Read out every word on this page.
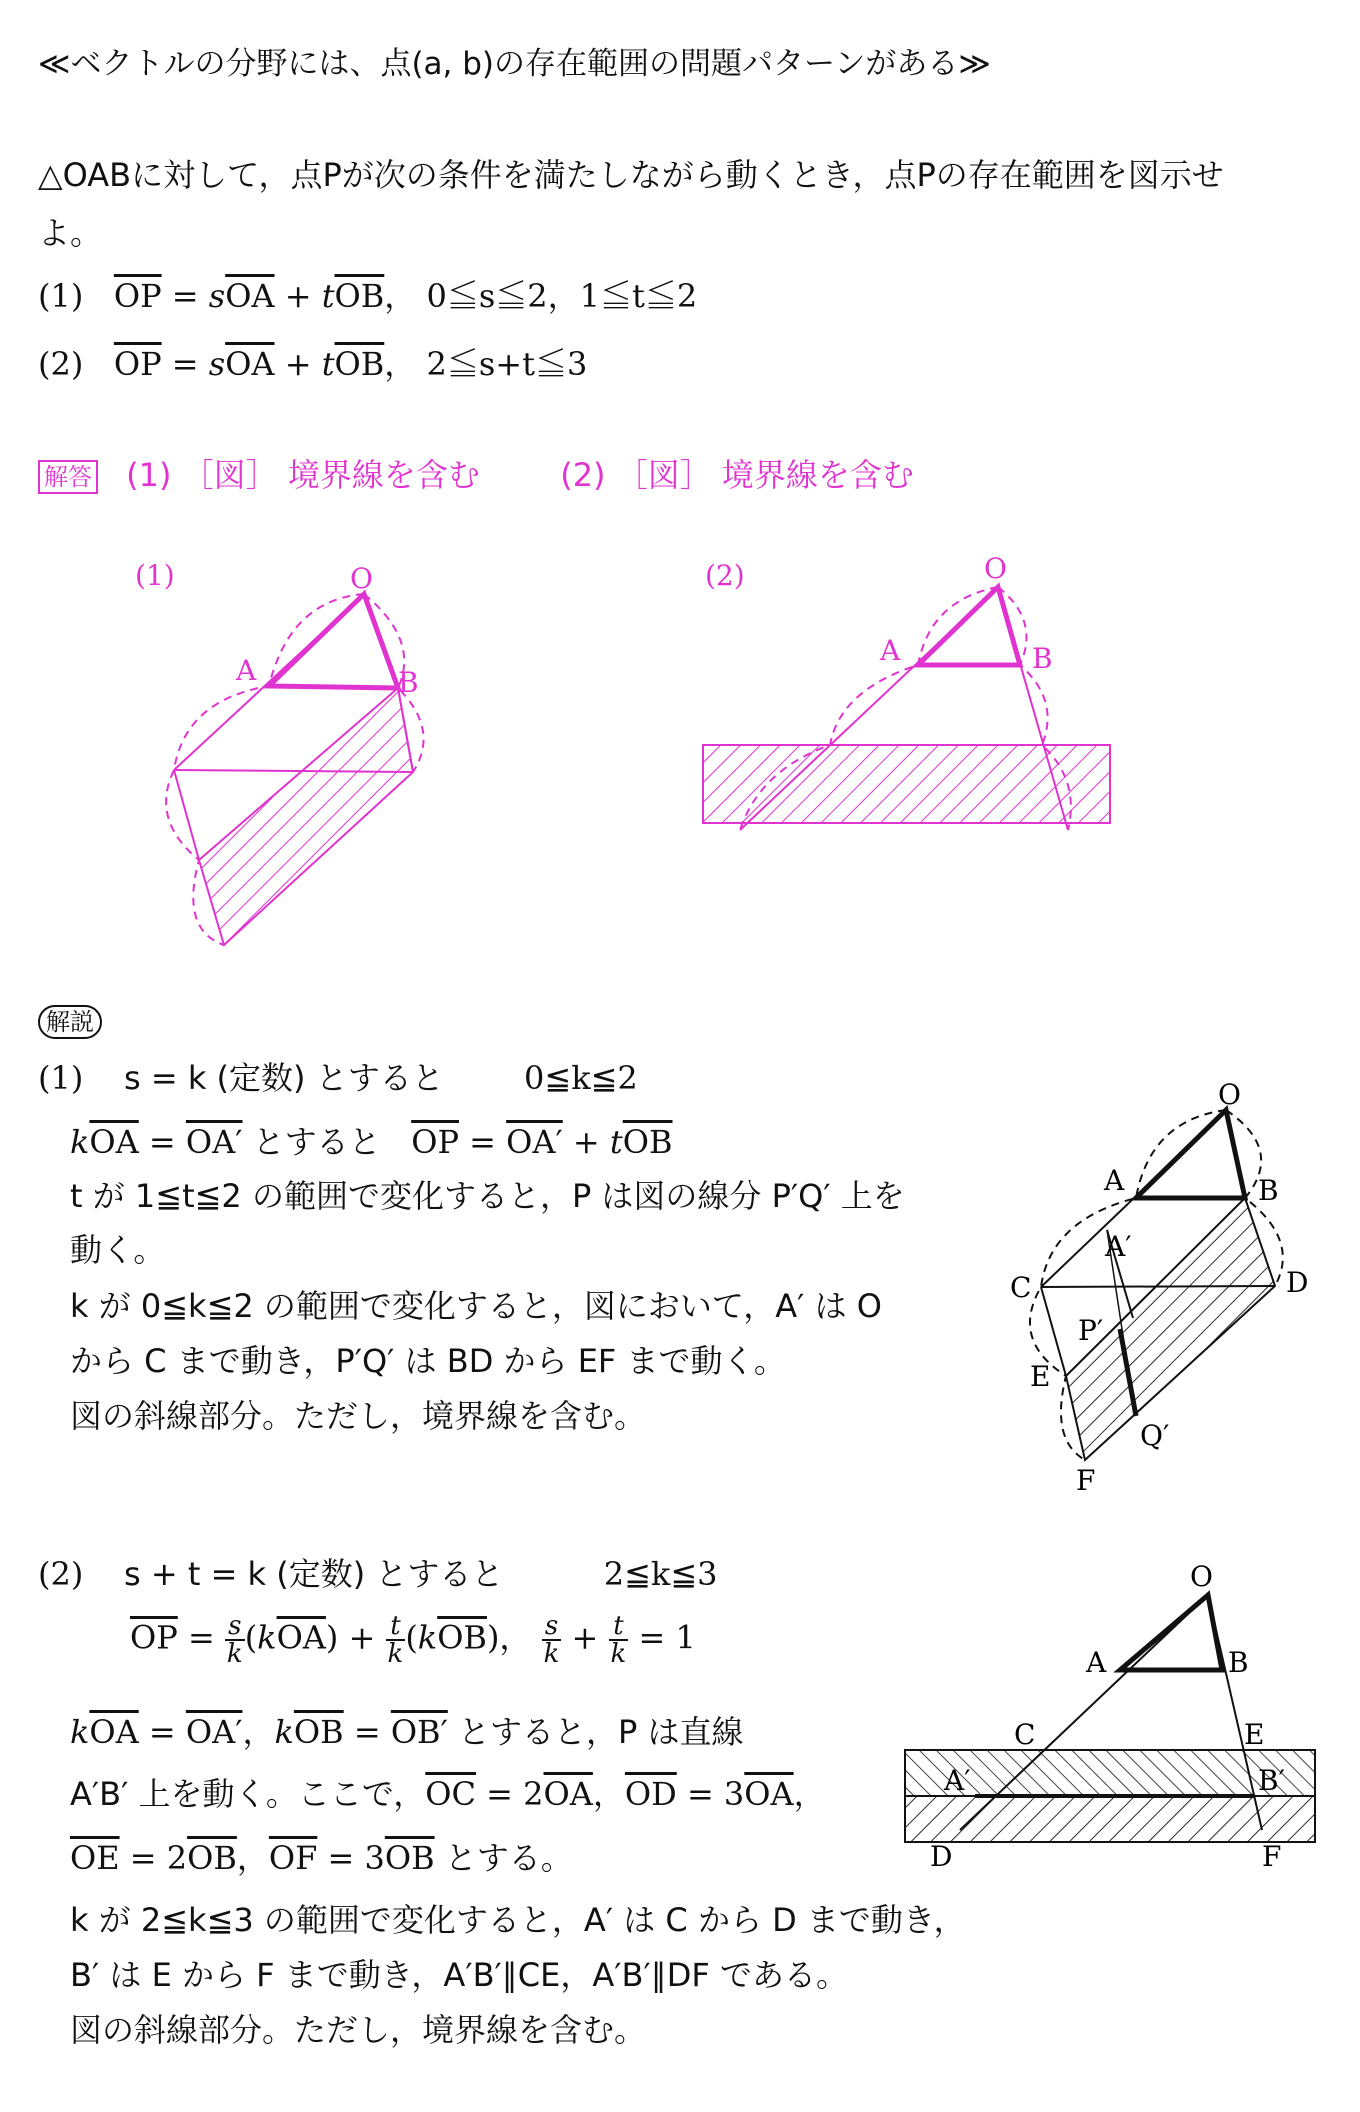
≪ベクトルの分野には、点(a, b)の存在範囲の問題パターンがある≫
△OABに対して，点Pが次の条件を満たしながら動くとき，点Pの存在範囲を図示せ
よ。
(1) $\overline{OP} = s\overline{OA} + t\overline{OB}$， 0≦s≦2，1≦t≦2
(2) $\overline{OP} = s\overline{OA} + t\overline{OB}$， 2≦s+t≦3
解答 (1) ［図］ 境界線を含む	(2) ［図］ 境界線を含む
(1)	O
A	B
(2)	O
A	B
解説
(1) s = k (定数) とすると	0≦k≦2
$k\overline{OA} = OA'$ とすると $\overline{OP} = OA' + t\overline{OB}$
t が 1≦t≦2 の範囲で変化すると，P は図の線分 P′Q′ 上を
動く。
k が 0≦k≦2 の範囲で変化すると，図において，A′ は O
から C まで動き，P′Q′ は BD から EF まで動く。
図の斜線部分。ただし，境界線を含む。
O
A	B
C	D
E
F
A′
P′
Q′
(2) s + t = k (定数) とすると	2≦k≦3
$\overline{OP} = \frac{s}{k} (k\overline{OA}) + \frac{t}{k} (k\overline{OB})$， $\frac{s}{k} + \frac{t}{k} = 1$
$k\overline{OA} = OA'$，$k\overline{OB} = OB'$ とすると，P は直線
A′B′ 上を動く。ここで，$\overline{OC} = 2\overline{OA}$，$\overline{OD} = 3\overline{OA}$，
$\overline{OE} = 2\overline{OB}$，$\overline{OF} = 3\overline{OB}$ とする。
k が 2≦k≦3 の範囲で変化すると，A′ は C から D まで動き，
B′ は E から F まで動き，A′B′∥CE，A′B′∥DF である。
図の斜線部分。ただし，境界線を含む。
O
A	B
C	E
A′	B′
D	F
